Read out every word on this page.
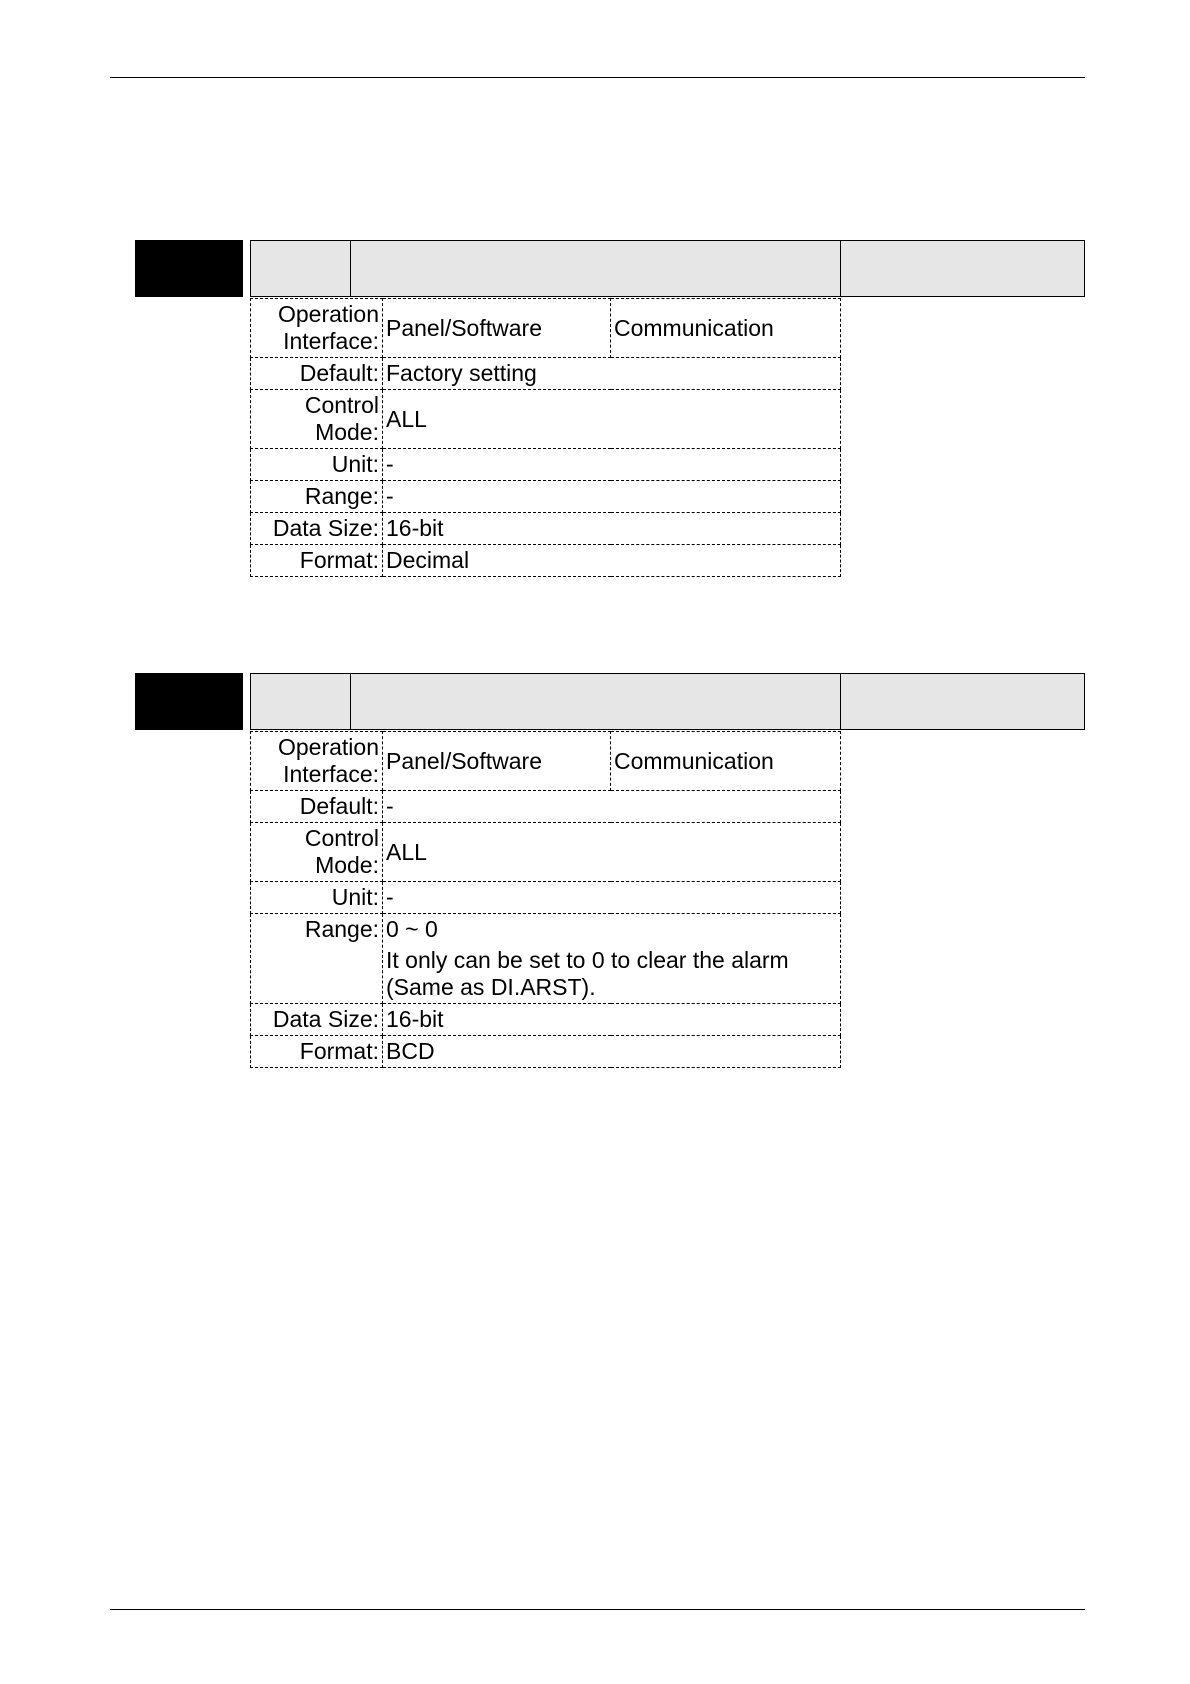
Operation Interface:	Panel/Software	Communication
Default:	Factory setting	
Control Mode:	ALL	
Unit:	-	
Range:	-	
Data Size:	16-bit	
Format:	Decimal	
Operation Interface:	Panel/Software	Communication
Default:	-	
Control Mode:	ALL	
Unit:	-	
Range:	0 ~ 0
It only can be set to 0 to clear the alarm (Same as DI.ARST).	

Data Size:	16-bit	
Format:	BCD	
